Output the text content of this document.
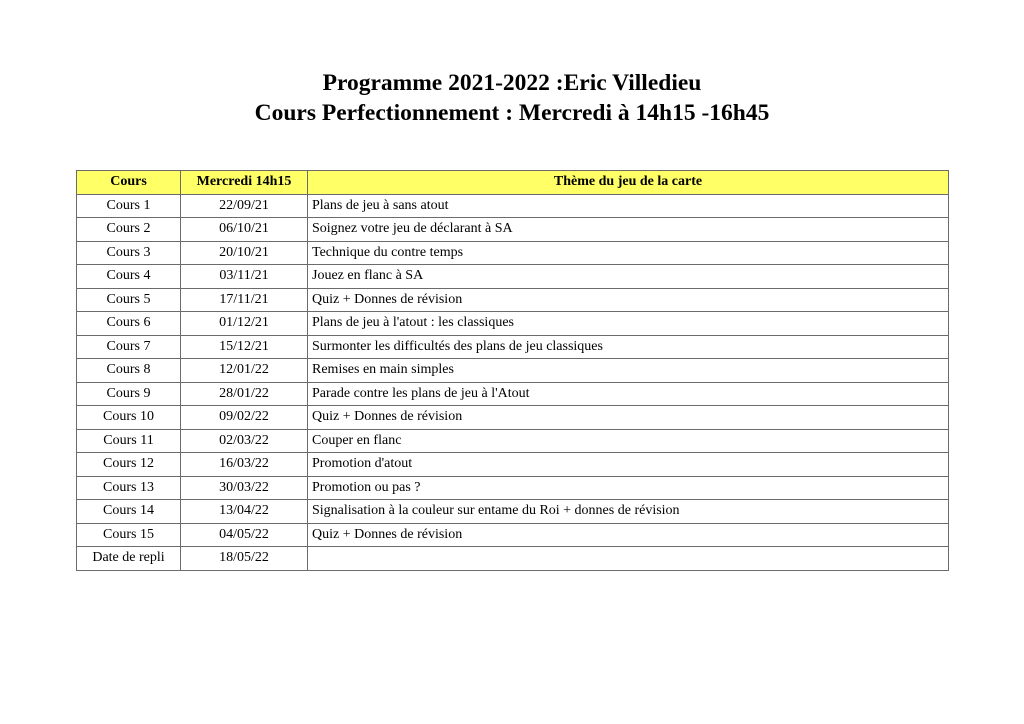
Programme 2021-2022 :Eric Villedieu
Cours Perfectionnement : Mercredi à 14h15 -16h45
Cours	Mercredi 14h15	Thème du jeu de la carte
Cours 1	22/09/21	Plans de jeu à sans atout
Cours 2	06/10/21	Soignez votre jeu de déclarant à SA
Cours 3	20/10/21	Technique du contre temps
Cours 4	03/11/21	Jouez en flanc à SA
Cours 5	17/11/21	Quiz + Donnes de révision
Cours 6	01/12/21	Plans de jeu à l'atout : les classiques
Cours 7	15/12/21	Surmonter les difficultés des plans de jeu classiques
Cours 8	12/01/22	Remises en main simples
Cours 9	28/01/22	Parade contre les plans de jeu à l'Atout
Cours 10	09/02/22	Quiz + Donnes de révision
Cours 11	02/03/22	Couper en flanc
Cours 12	16/03/22	Promotion d'atout
Cours 13	30/03/22	Promotion ou pas ?
Cours 14	13/04/22	Signalisation à la couleur sur entame du Roi + donnes de révision
Cours 15	04/05/22	Quiz + Donnes de révision
Date de repli	18/05/22	
